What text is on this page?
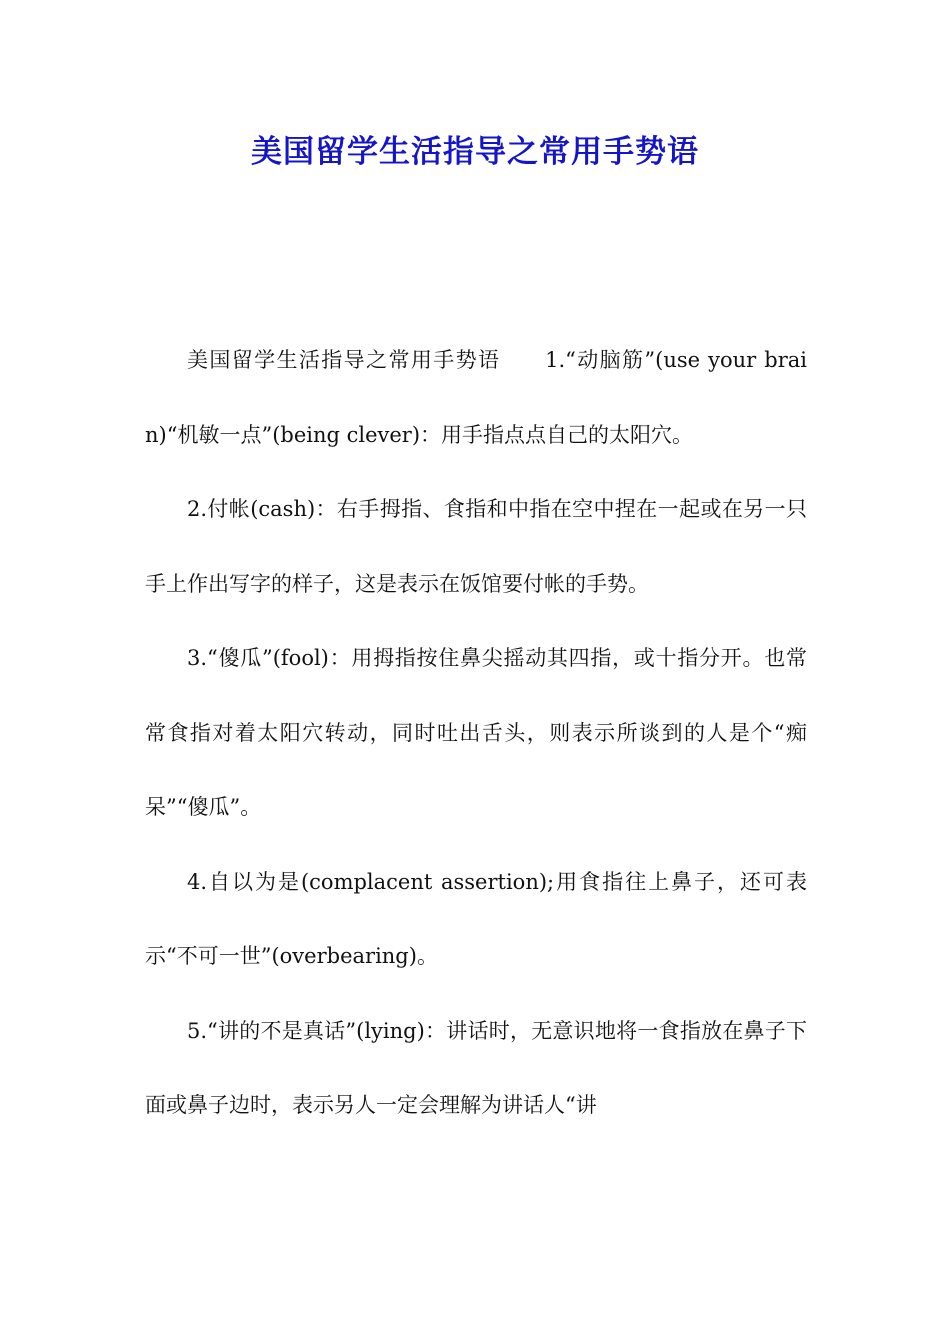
美国留学生活指导之常用手势语

美国留学生活指导之常用手势语　　1.“动脑筋”(use your brain)“机敏一点”(being clever)：用手指点点自己的太阳穴。

2.付帐(cash)：右手拇指、食指和中指在空中捏在一起或在另一只手上作出写字的样子，这是表示在饭馆要付帐的手势。

3.“傻瓜”(fool)：用拇指按住鼻尖摇动其四指，或十指分开。也常常食指对着太阳穴转动，同时吐出舌头，则表示所谈到的人是个“痴呆”“傻瓜”。

4.自以为是(complacent assertion);用食指往上鼻子，还可表示“不可一世”(overbearing)。

5.“讲的不是真话”(lying)：讲话时，无意识地将一食指放在鼻子下面或鼻子边时，表示另人一定会理解为讲话人“讲
